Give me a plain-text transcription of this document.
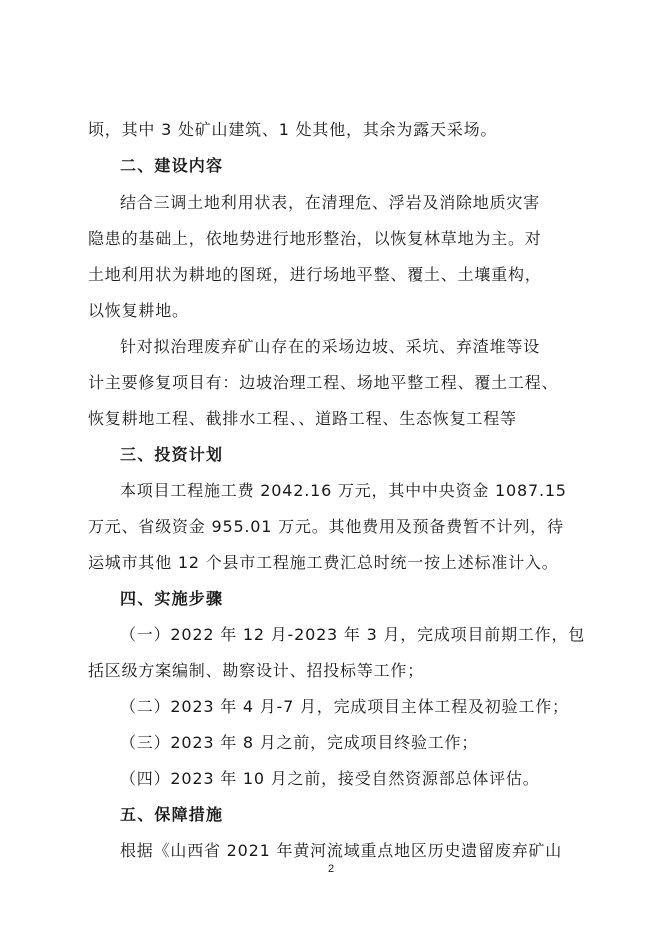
顷，其中 3 处矿山建筑、1 处其他，其余为露天采场。
二、建设内容
结合三调土地利用状表，在清理危、浮岩及消除地质灾害
隐患的基础上，依地势进行地形整治，以恢复林草地为主。对
土地利用状为耕地的图斑，进行场地平整、覆土、土壤重构，
以恢复耕地。
针对拟治理废弃矿山存在的采场边坡、采坑、弃渣堆等设
计主要修复项目有：边坡治理工程、场地平整工程、覆土工程、
恢复耕地工程、截排水工程、、道路工程、生态恢复工程等
三、投资计划
本项目工程施工费 2042.16 万元，其中中央资金 1087.15
万元、省级资金 955.01 万元。其他费用及预备费暂不计列，待
运城市其他 12 个县市工程施工费汇总时统一按上述标准计入。
四、实施步骤
（一）2022 年 12 月-2023 年 3 月，完成项目前期工作，包
括区级方案编制、勘察设计、招投标等工作；
（二）2023 年 4 月-7 月，完成项目主体工程及初验工作；
（三）2023 年 8 月之前，完成项目终验工作；
（四）2023 年 10 月之前，接受自然资源部总体评估。
五、保障措施
根据《山西省 2021 年黄河流域重点地区历史遗留废弃矿山
2
